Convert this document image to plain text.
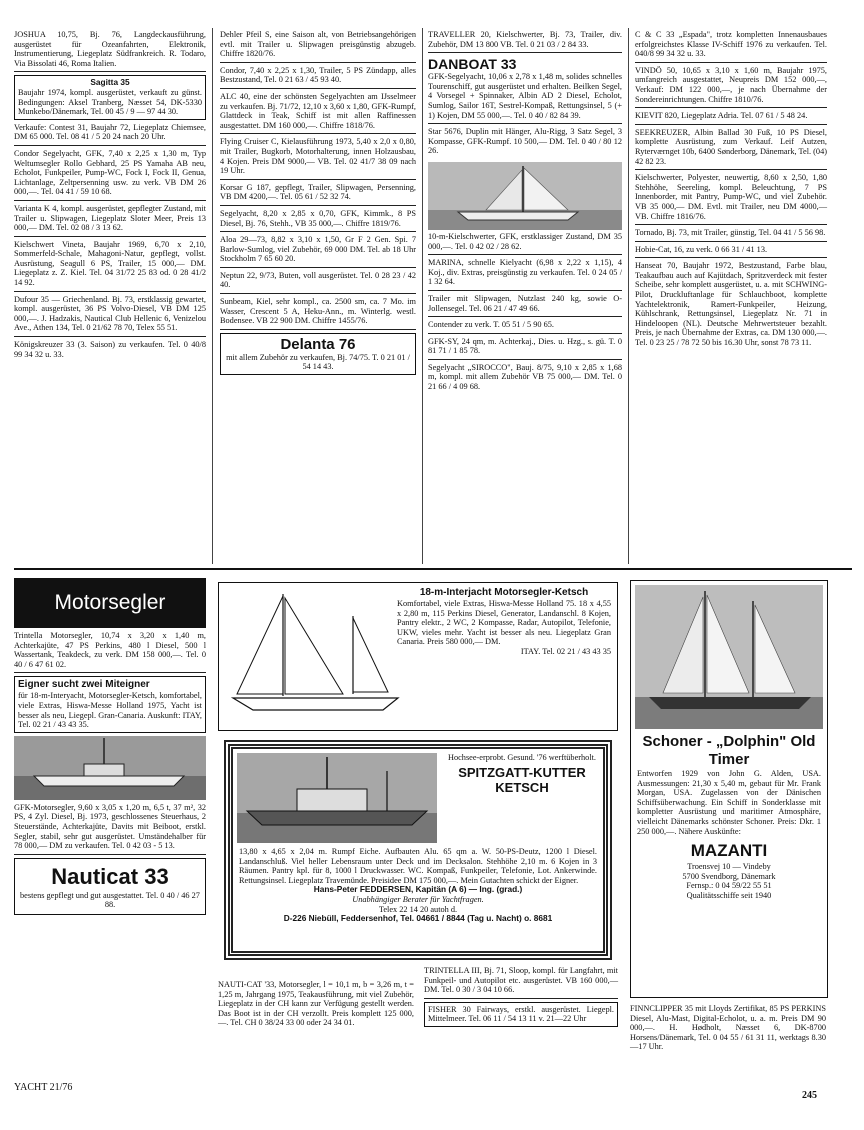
JOSHUA 10,75, Bj. 76, Langdeckausführung, ausgerüstet für Ozeanfahrten, Elektronik, Instrumentierung, Liegeplatz Südfrankreich. R. Todaro, Via Bissolati 46, Roma Italien.
Sagitta 35
Baujahr 1974, kompl. ausgerüstet, verkauft zu günst. Bedingungen: Aksel Tranberg, Næsset 54, DK-5330 Munkebo/Dänemark, Tel. 00 45 / 9 — 97 44 30.
Verkaufe: Contest 31, Baujahr 72, Liegeplatz Chiemsee, DM 65 000. Tel. 08 41 / 5 20 24 nach 20 Uhr.
Condor Segelyacht, GFK, 7,40 x 2,25 x 1,30 m, Typ Weltumsegler Rollo Gebhard, 25 PS Yamaha AB neu, Echolot, Funkpeiler, Pump-WC, Fock I, Fock II, Genua, Lichtanlage, Zeltpersenning usw. zu verk. VB DM 26 000,—. Tel. 04 41 / 59 10 68.
Varianta K 4, kompl. ausgerüstet, gepflegter Zustand, mit Trailer u. Slipwagen, Liegeplatz Sloter Meer, Preis 13 000,— DM. Tel. 02 08 / 3 13 62.
Kielschwert Vineta, Baujahr 1969, 6,70 x 2,10, Sommerfeld-Schale, Mahagoni-Natur, gepflegt, vollst. Ausrüstung, Seagull 6 PS, Trailer, 15 000,— DM. Liegeplatz z. Z. Kiel. Tel. 04 31/72 25 83 od. 0 28 41/2 14 92.
Dufour 35 — Griechenland. Bj. 73, erstklassig gewartet, kompl. ausgerüstet, 36 PS Volvo-Diesel, VB DM 125 000,—. J. Hadzakis, Nautical Club Hellenic 6, Venizelou Ave., Athen 134, Tel. 0 21/62 78 70, Telex 55 51.
Königskreuzer 33 (3. Saison) zu verkaufen. Tel. 0 40/8 99 34 32 u. 33.
Dehler Pfeil S, eine Saison alt, von Betriebsangehörigen evtl. mit Trailer u. Slipwagen preisgünstig abzugeb. Chiffre 1820/76.
Condor, 7,40 x 2,25 x 1,30, Trailer, 5 PS Zündapp, alles Bestzustand, Tel. 0 21 63 / 45 93 40.
ALC 40, eine der schönsten Segelyachten am IJsselmeer zu verkaufen. Bj. 71/72, 12,10 x 3,60 x 1,80, GFK-Rumpf, Glattdeck in Teak, Schiff ist mit allen Raffinessen ausgestattet. DM 160 000,—. Chiffre 1818/76.
Flying Cruiser C, Kielausführung 1973, 5,40 x 2,0 x 0,80, mit Trailer, Bugkorb, Motorhalterung, innen Holzausbau, 4 Kojen. Preis DM 9000,— VB. Tel. 02 41/7 38 09 nach 19 Uhr.
Korsar G 187, gepflegt, Trailer, Slipwagen, Persenning, VB DM 4200,—. Tel. 05 61 / 52 32 74.
Segelyacht, 8,20 x 2,85 x 0,70, GFK, Kimmk., 8 PS Diesel, Bj. 76, Stehh., VB 35 000,—. Chiffre 1819/76.
Aloa 29—73, 8,82 x 3,10 x 1,50, Gr F 2 Gen. Spi. 7 Barlow-Sumlog, viel Zubehör, 69 000 DM. Tel. ab 18 Uhr Stockholm 7 65 60 20.
Neptun 22, 9/73, Buten, voll ausgerüstet. Tel. 0 28 23 / 42 40.
Sunbeam, Kiel, sehr kompl., ca. 2500 sm, ca. 7 Mo. im Wasser, Crescent 5 A, Heku-Ann., m. Winterlg. westl. Bodensee. VB 22 900 DM. Chiffre 1455/76.
Delanta 76
mit allem Zubehör zu verkaufen, Bj. 74/75. T. 0 21 01 / 54 14 43.
TRAVELLER 20, Kielschwerter, Bj. 73, Trailer, div. Zubehör, DM 13 800 VB. Tel. 0 21 03 / 2 84 33.
DANBOAT 33
GFK-Segelyacht, 10,06 x 2,78 x 1,48 m, solides schnelles Tourenschiff, gut ausgerüstet und erhalten. Beilken Segel, 4 Vorsegel + Spinnaker, Albin AD 2 Diesel, Echolot, Sumlog, Sailor 16T, Sestrel-Kompaß, Rettungsinsel, 5 (+ 1) Kojen, DM 55 000,—. Tel. 0 40 / 82 84 39.
Star 5676, Duplin mit Hänger, Alu-Rigg, 3 Satz Segel, 3 Kompasse, GFK-Rumpf. 10 500,— DM. Tel. 0 40 / 80 12 26.
10-m-Kielschwerter, GFK, erstklassiger Zustand, DM 35 000,—. Tel. 0 42 02 / 28 62.
MARINA, schnelle Kielyacht (6,98 x 2,22 x 1,15), 4 Koj., div. Extras, preisgünstig zu verkaufen. Tel. 0 24 05 / 1 32 64.
Trailer mit Slipwagen, Nutzlast 240 kg, sowie O-Jollensegel. Tel. 06 21 / 47 49 66.
Contender zu verk. T. 05 51 / 5 90 65.
GFK-SY, 24 qm, m. Achterkaj., Dies. u. Hzg., s. gü. T. 0 81 71 / 1 85 78.
Segelyacht „SIROCCO", Bauj. 8/75, 9,10 x 2,85 x 1,68 m, kompl. mit allem Zubehör VB 75 000,— DM. Tel. 0 21 66 / 4 09 68.
C & C 33 „Espada", trotz kompletten Innenausbaues erfolgreichstes Klasse IV-Schiff 1976 zu verkaufen. Tel. 040/8 99 34 32 u. 33.
VINDÖ 50, 10,65 x 3,10 x 1,60 m, Baujahr 1975, umfangreich ausgestattet, Neupreis DM 152 000,—, Verkauf: DM 122 000,—, je nach Übernahme der Sondereinrichtungen. Chiffre 1810/76.
KIEVIT 820, Liegeplatz Adria. Tel. 07 61 / 5 48 24.
SEEKREUZER, Albin Ballad 30 Fuß, 10 PS Diesel, komplette Ausrüstung, zum Verkauf. Leif Autzen, Ryterværnget 10b, 6400 Sønderborg, Dänemark, Tel. (04) 42 82 23.
Kielschwerter, Polyester, neuwertig, 8,60 x 2,50, 1,80 Stehhöhe, Seereling, kompl. Beleuchtung, 7 PS Innenborder, mit Pantry, Pump-WC, und viel Zubehör. VB 35 000,— DM. Evtl. mit Trailer, neu DM 4000,— VB. Chiffre 1816/76.
Tornado, Bj. 73, mit Trailer, günstig, Tel. 04 41 / 5 56 98.
Hobie-Cat, 16, zu verk. 0 66 31 / 41 13.
Hanseat 70, Baujahr 1972, Bestzustand, Farbe blau, Teakaufbau auch auf Kajütdach, Spritzverdeck mit fester Scheibe, sehr komplett ausgerüstet, u. a. mit SCHWING-Pilot, Druckluftanlage für Schlauchboot, komplette Yachtelektronik, Ramert-Funkpeiler, Heizung, Kühlschrank, Rettungsinsel, Liegeplatz Nr. 71 in Hindeloopen (NL). Deutsche Mehrwertsteuer bezahlt. Preis, je nach Übernahme der Extras, ca. DM 130 000,—. Tel. 0 23 25 / 78 72 50 bis 16.30 Uhr, sonst 78 73 11.
Motorsegler
Trintella Motorsegler, 10,74 x 3,20 x 1,40 m, Achterkajüte, 47 PS Perkins, 480 l Diesel, 500 l Wassertank, Teakdeck, zu verk. DM 158 000,—. Tel. 0 40 / 6 47 61 02.
Eigner sucht zwei Miteigner
für 18-m-Interyacht, Motorsegler-Ketsch, komfortabel, viele Extras, Hiswa-Messe Holland 1975, Yacht ist besser als neu, Liegepl. Gran-Canaria. Auskunft: ITAY, Tel. 02 21 / 43 43 35.
GFK-Motorsegler, 9,60 x 3,05 x 1,20 m, 6,5 t, 37 m², 32 PS, 4 Zyl. Diesel, Bj. 1973, geschlossenes Steuerhaus, 2 Steuerstände, Achterkajüte, Davits mit Beiboot, erstkl. Segler, stabil, sehr gut ausgerüstet. Umständehalber für 78 000,— DM zu verkaufen. Tel. 0 42 03 - 5 13.
Nauticat 33
bestens gepflegt und gut ausgestattet. Tel. 0 40 / 46 27 88.
18-m-Interjacht Motorsegler-Ketsch
Komfortabel, viele Extras, Hiswa-Messe Holland 75. 18 x 4,55 x 2,80 m, 115 Perkins Diesel, Generator, Landanschl. 8 Kojen, Pantry elektr., 2 WC, 2 Kompasse, Radar, Autopilot, Telefonie, UKW, vieles mehr. Yacht ist besser als neu. Liegeplatz Gran Canaria. Preis 580 000,— DM.
ITAY. Tel. 02 21 / 43 43 35
Hochsee-erprobt. Gesund. '76 werftüberholt.
SPITZGATT-KUTTER KETSCH
13,80 x 4,65 x 2,04 m. Rumpf Eiche. Aufbauten Alu. 65 qm a. W. 50-PS-Deutz, 1200 l Diesel. Landanschluß. Viel heller Lebensraum unter Deck und im Decksalon. Stehhöhe 2,10 m. 6 Kojen in 3 Räumen. Pantry kpl. für 8, 1000 l Druckwasser. WC. Kompaß, Funkpeiler, Telefonie, Lot. Ankerwinde. Rettungsinsel. Liegeplatz Travemünde. Preisidee DM 175 000,—. Mein Gutachten schickt der Eigner.
Hans-Peter FEDDERSEN, Kapitän (A 6) — Ing. (grad.)
Unabhängiger Berater für Yachtfragen.
Telex 22 14 20 autoh d.
D-226 Niebüll, Feddersenhof, Tel. 04661 / 8844 (Tag u. Nacht) o. 8681
NAUTI-CAT '33, Motorsegler, l = 10,1 m, b = 3,26 m, t = 1,25 m, Jahrgang 1975, Teakausführung, mit viel Zubehör, Liegeplatz in der CH kann zur Verfügung gestellt werden. Das Boot ist in der CH verzollt. Preis komplett 125 000,—. Tel. CH 0 38/24 33 00 oder 24 34 01.
TRINTELLA III, Bj. 71, Sloop, kompl. für Langfahrt, mit Funkpeil- und Autopilot etc. ausgerüstet. VB 160 000,— DM. Tel. 0 30 / 3 04 10 66.
FISHER 30 Fairways, erstkl. ausgerüstet. Liegepl. Mittelmeer. Tel. 06 11 / 54 13 11 v. 21—22 Uhr
Schoner - „Dolphin" Old Timer
Entworfen 1929 von John G. Alden, USA. Ausmessungen: 21,30 x 5,40 m, gebaut für Mr. Frank Morgan, USA. Zugelassen von der Dänischen Schiffsüberwachung. Ein Schiff in Sonderklasse mit kompletter Ausrüstung und maritimer Atmosphäre, vielleicht Dänemarks schönster Schoner. Preis: Dkr. 1 250 000,—. Nähere Auskünfte:
MAZANTI
Troensvej 10 — Vindeby
5700 Svendborg, Dänemark
Fernsp.: 0 04 59/22 55 51
Qualitätsschiffe seit 1940
FINNCLIPPER 35 mit Lloyds Zertifikat, 85 PS PERKINS Diesel, Alu-Mast, Digital-Echolot, u. a. m. Preis DM 90 000,—. H. Hødholt, Næsset 6, DK-8700 Horsens/Dänemark, Tel. 0 04 55 / 61 31 11, werktags 8.30—17 Uhr.
YACHT 21/76
245
